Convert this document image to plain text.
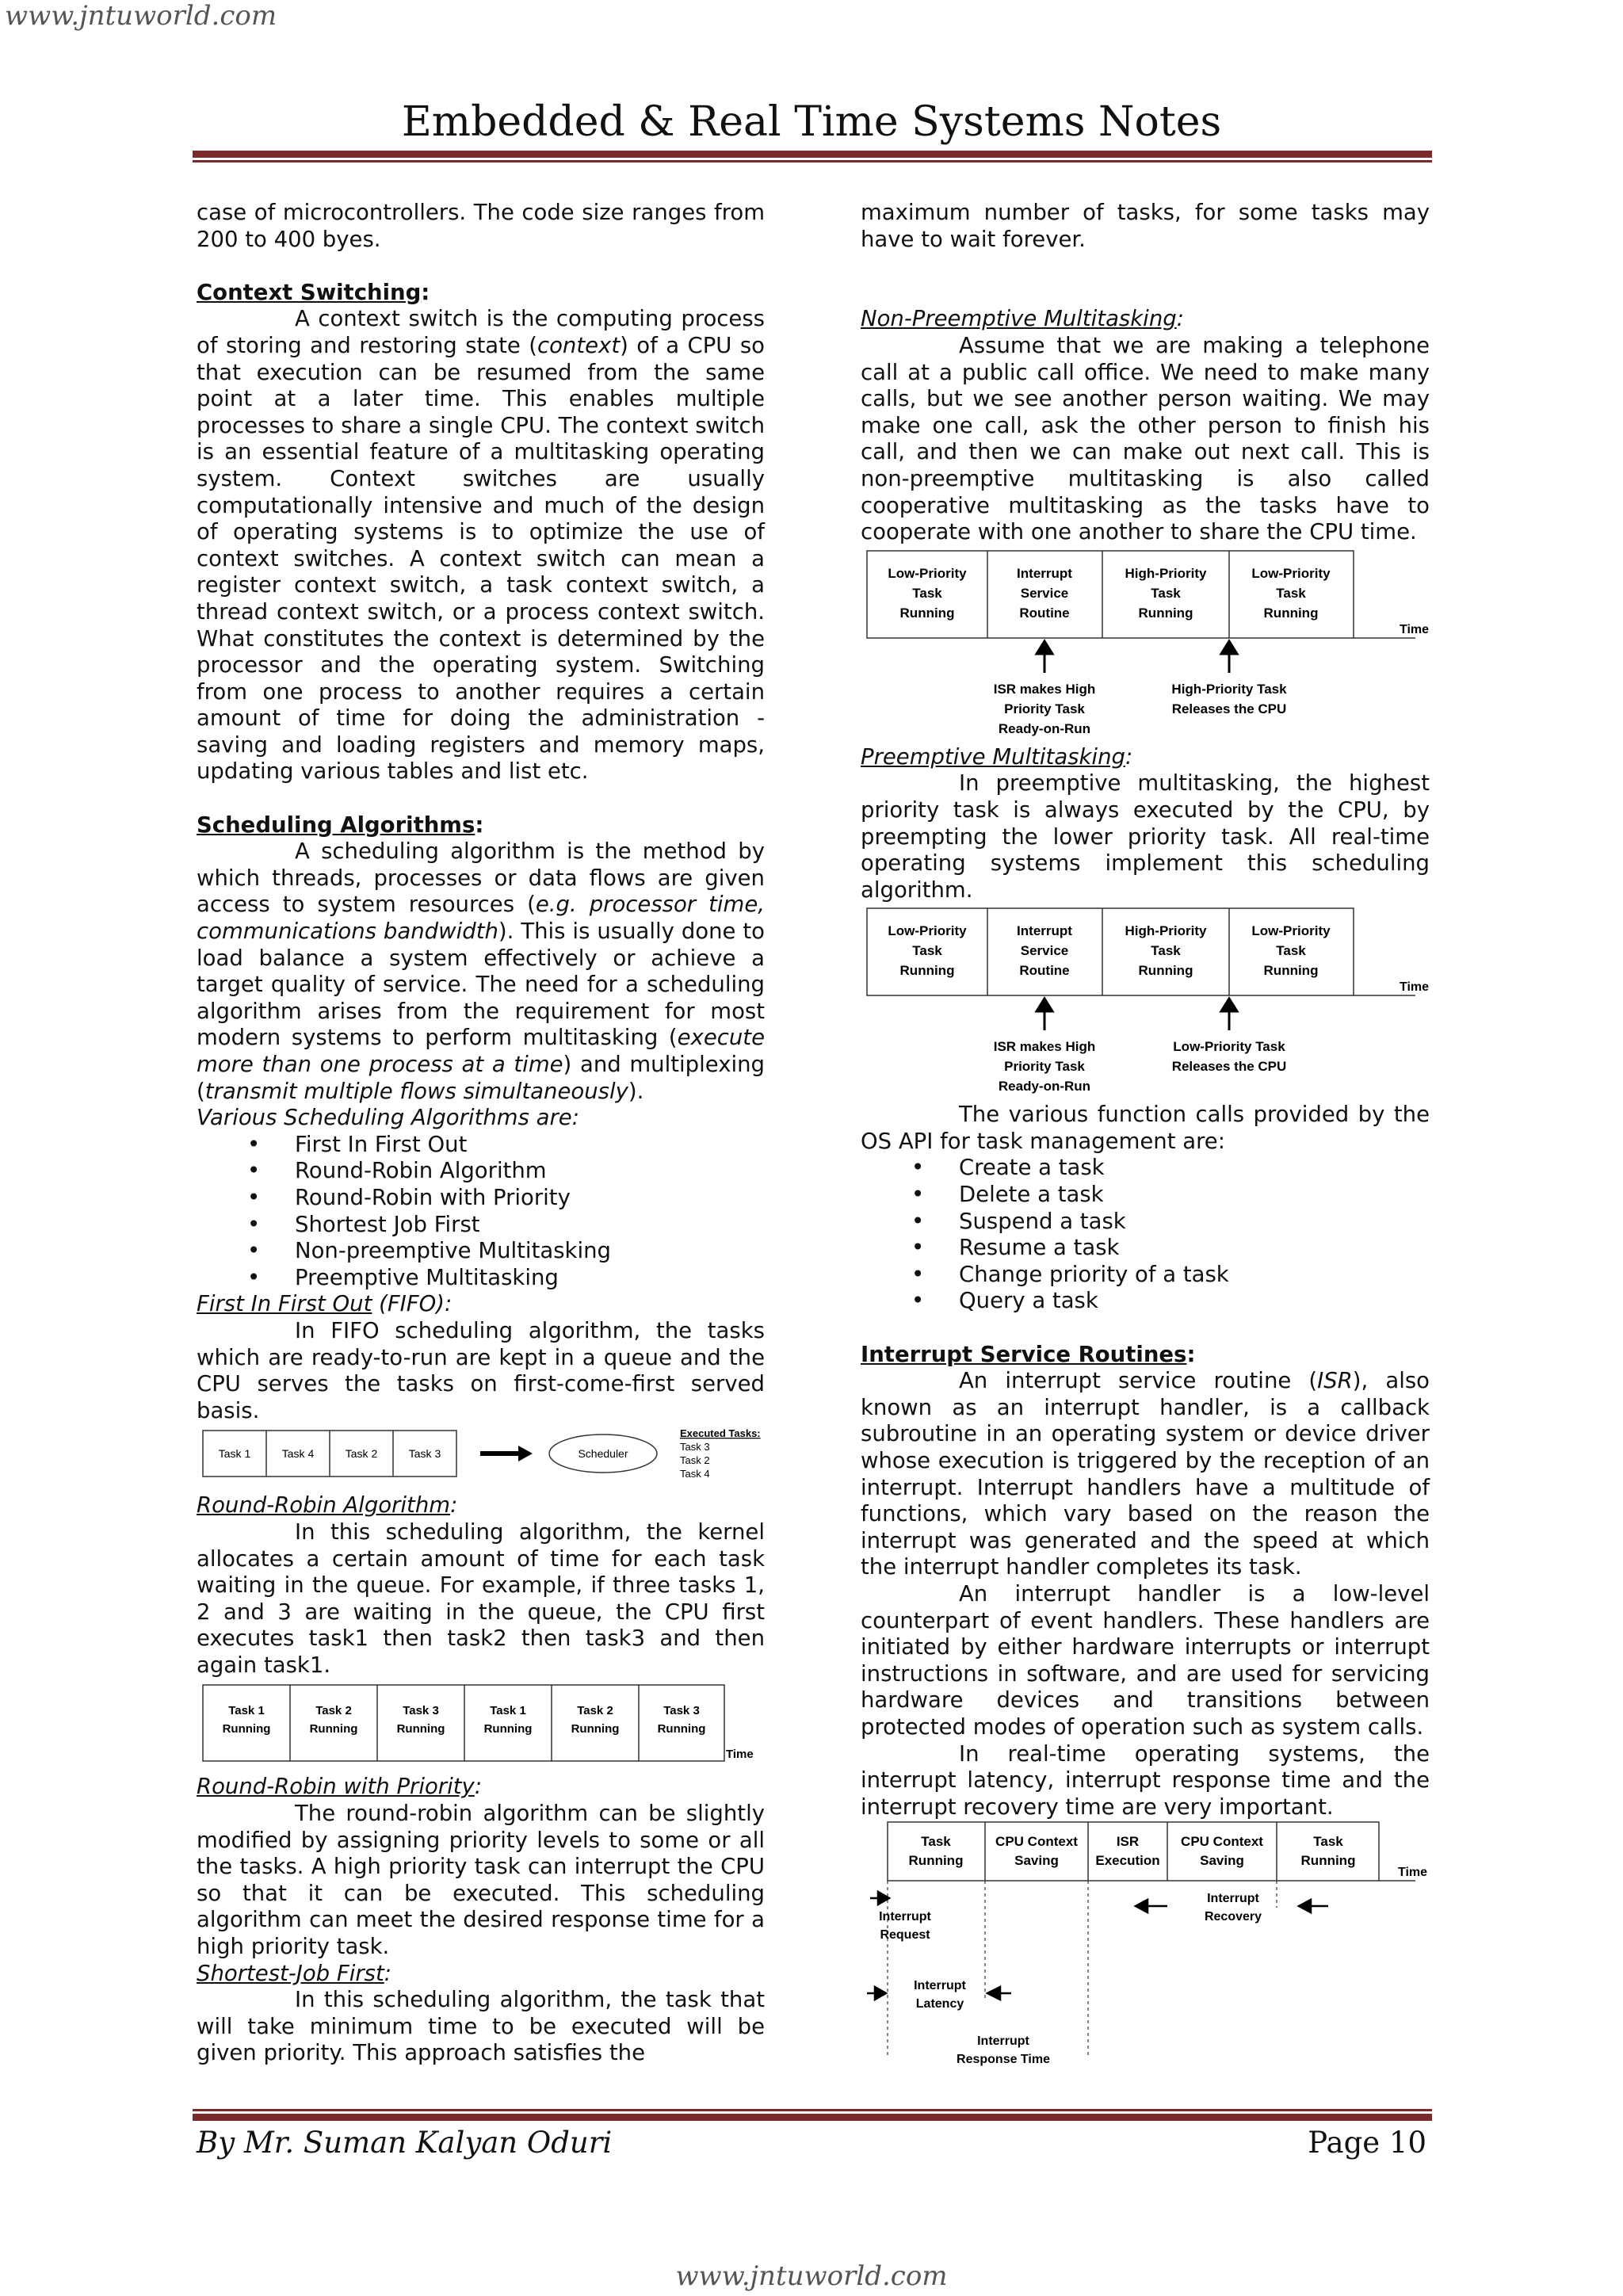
www.jntuworld.com
Embedded & Real Time Systems Notes

case of microcontrollers. The code size ranges from 200 to 400 byes.

Context Switching:

A context switch is the computing process of storing and restoring state (context) of a CPU so that execution can be resumed from the same point at a later time. This enables multiple processes to share a single CPU. The context switch is an essential feature of a multitasking operating system. Context switches are usually computationally intensive and much of the design of operating systems is to optimize the use of context switches. A context switch can mean a register context switch, a task context switch, a thread context switch, or a process context switch. What constitutes the context is determined by the processor and the operating system. Switching from one process to another requires a certain amount of time for doing the administration - saving and loading registers and memory maps, updating various tables and list etc.

Scheduling Algorithms:

A scheduling algorithm is the method by which threads, processes or data flows are given access to system resources (e.g. processor time, communications bandwidth). This is usually done to load balance a system effectively or achieve a target quality of service. The need for a scheduling algorithm arises from the requirement for most modern systems to perform multitasking (execute more than one process at a time) and multiplexing (transmit multiple flows simultaneously).

Various Scheduling Algorithms are:

• First In First Out
• Round-Robin Algorithm
• Round-Robin with Priority
• Shortest Job First
• Non-preemptive Multitasking
• Preemptive Multitasking

First In First Out (FIFO):

In FIFO scheduling algorithm, the tasks which are ready-to-run are kept in a queue and the CPU serves the tasks on first-come-first served basis.

Task 1	Task 4	Task 2	Task 3	Scheduler
Executed Tasks:
Task 3
Task 2
Task 4

Round-Robin Algorithm:

In this scheduling algorithm, the kernel allocates a certain amount of time for each task waiting in the queue. For example, if three tasks 1, 2 and 3 are waiting in the queue, the CPU first executes task1 then task2 then task3 and then again task1.

Task 1
Running
Task 2
Running
Task 3
Running
Task 1
Running
Task 2
Running
Task 3
Running
Time

Round-Robin with Priority:

The round-robin algorithm can be slightly modified by assigning priority levels to some or all the tasks. A high priority task can interrupt the CPU so that it can be executed. This scheduling algorithm can meet the desired response time for a high priority task.

Shortest-Job First:

In this scheduling algorithm, the task that will take minimum time to be executed will be given priority. This approach satisfies the

maximum number of tasks, for some tasks may have to wait forever.

Non-Preemptive Multitasking:

Assume that we are making a telephone call at a public call office. We need to make many calls, but we see another person waiting. We may make one call, ask the other person to finish his call, and then we can make out next call. This is non-preemptive multitasking is also called cooperative multitasking as the tasks have to cooperate with one another to share the CPU time.

Low-Priority
Task
Running
Interrupt
Service
Routine
High-Priority
Task
Running
Low-Priority
Task
Running
Time
ISR makes High
Priority Task
Ready-on-Run
High-Priority Task
Releases the CPU

Preemptive Multitasking:

In preemptive multitasking, the highest priority task is always executed by the CPU, by preempting the lower priority task. All real-time operating systems implement this scheduling algorithm.

Low-Priority
Task
Running
Interrupt
Service
Routine
High-Priority
Task
Running
Low-Priority
Task
Running
Time
ISR makes High
Priority Task
Ready-on-Run
Low-Priority Task
Releases the CPU

The various function calls provided by the OS API for task management are:

• Create a task
• Delete a task
• Suspend a task
• Resume a task
• Change priority of a task
• Query a task

Interrupt Service Routines:

An interrupt service routine (ISR), also known as an interrupt handler, is a callback subroutine in an operating system or device driver whose execution is triggered by the reception of an interrupt. Interrupt handlers have a multitude of functions, which vary based on the reason the interrupt was generated and the speed at which the interrupt handler completes its task.

An interrupt handler is a low-level counterpart of event handlers. These handlers are initiated by either hardware interrupts or interrupt instructions in software, and are used for servicing hardware devices and transitions between protected modes of operation such as system calls.

In real-time operating systems, the interrupt latency, interrupt response time and the interrupt recovery time are very important.

Task
Running
CPU Context
Saving
ISR
Execution
CPU Context
Saving
Task
Running
Time
Interrupt
Recovery
Interrupt
Request
Interrupt
Latency
Interrupt
Response Time
By Mr. Suman Kalyan Oduri	Page 10
www.jntuworld.com
